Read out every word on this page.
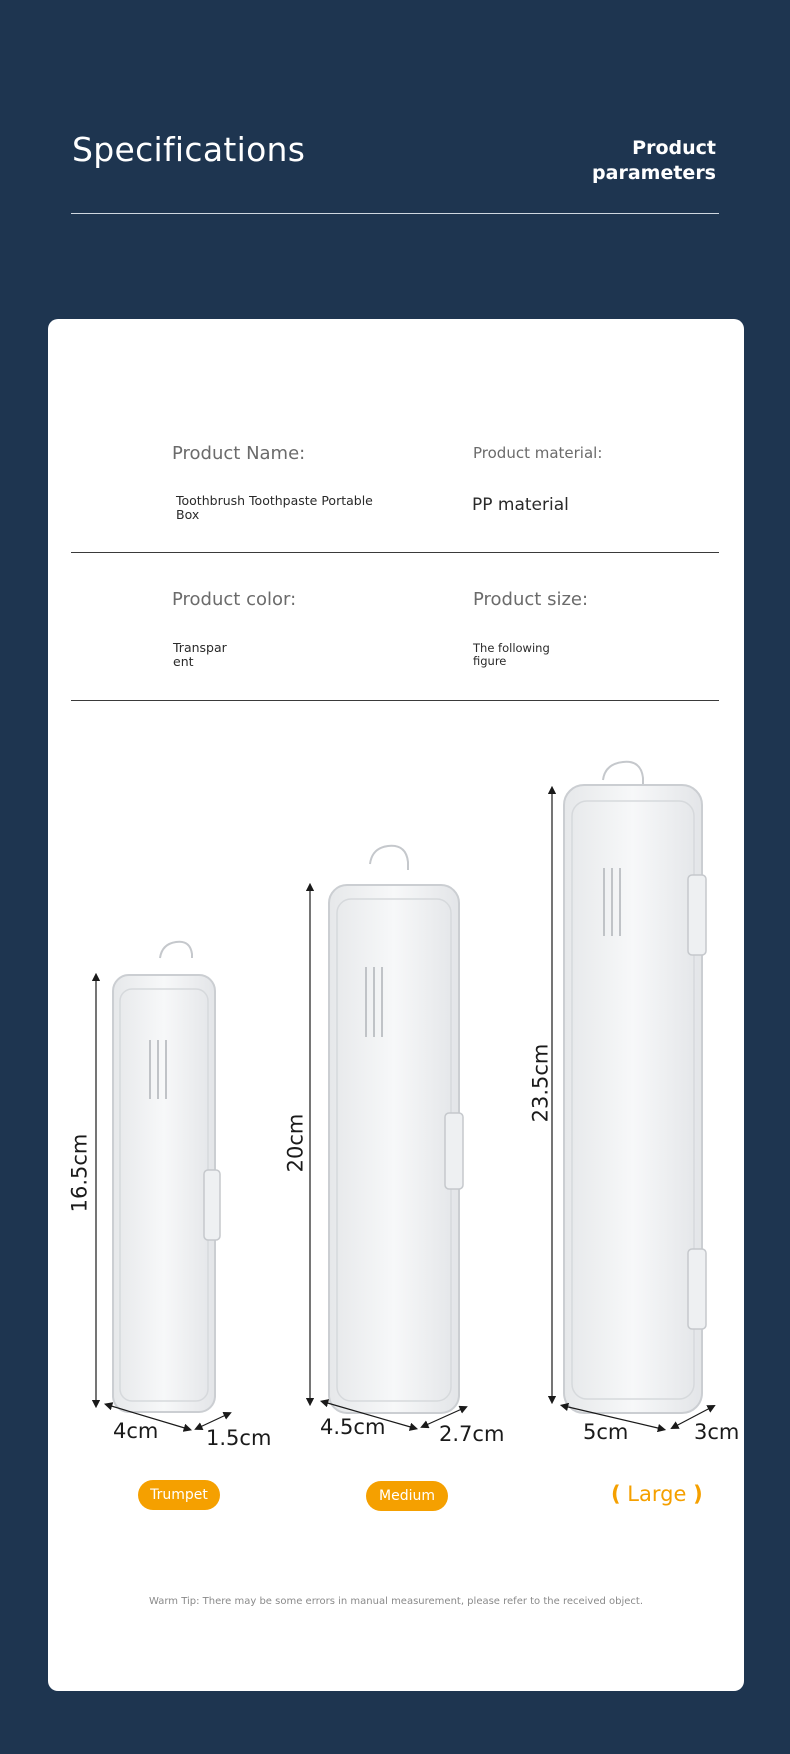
Specifications	Product
parameters
Product Name:
Toothbrush Toothpaste Portable
Box
Product material:
PP material
Product color:
Transpar
ent
Product size:
The following
figure
16.5cm
4cm 1.5cm
20cm
4.5cm	2.7cm
23.5cm
5cm	3cm
Trumpet	Medium	( Large )
Warm Tip: There may be some errors in manual measurement, please refer to the received object.
